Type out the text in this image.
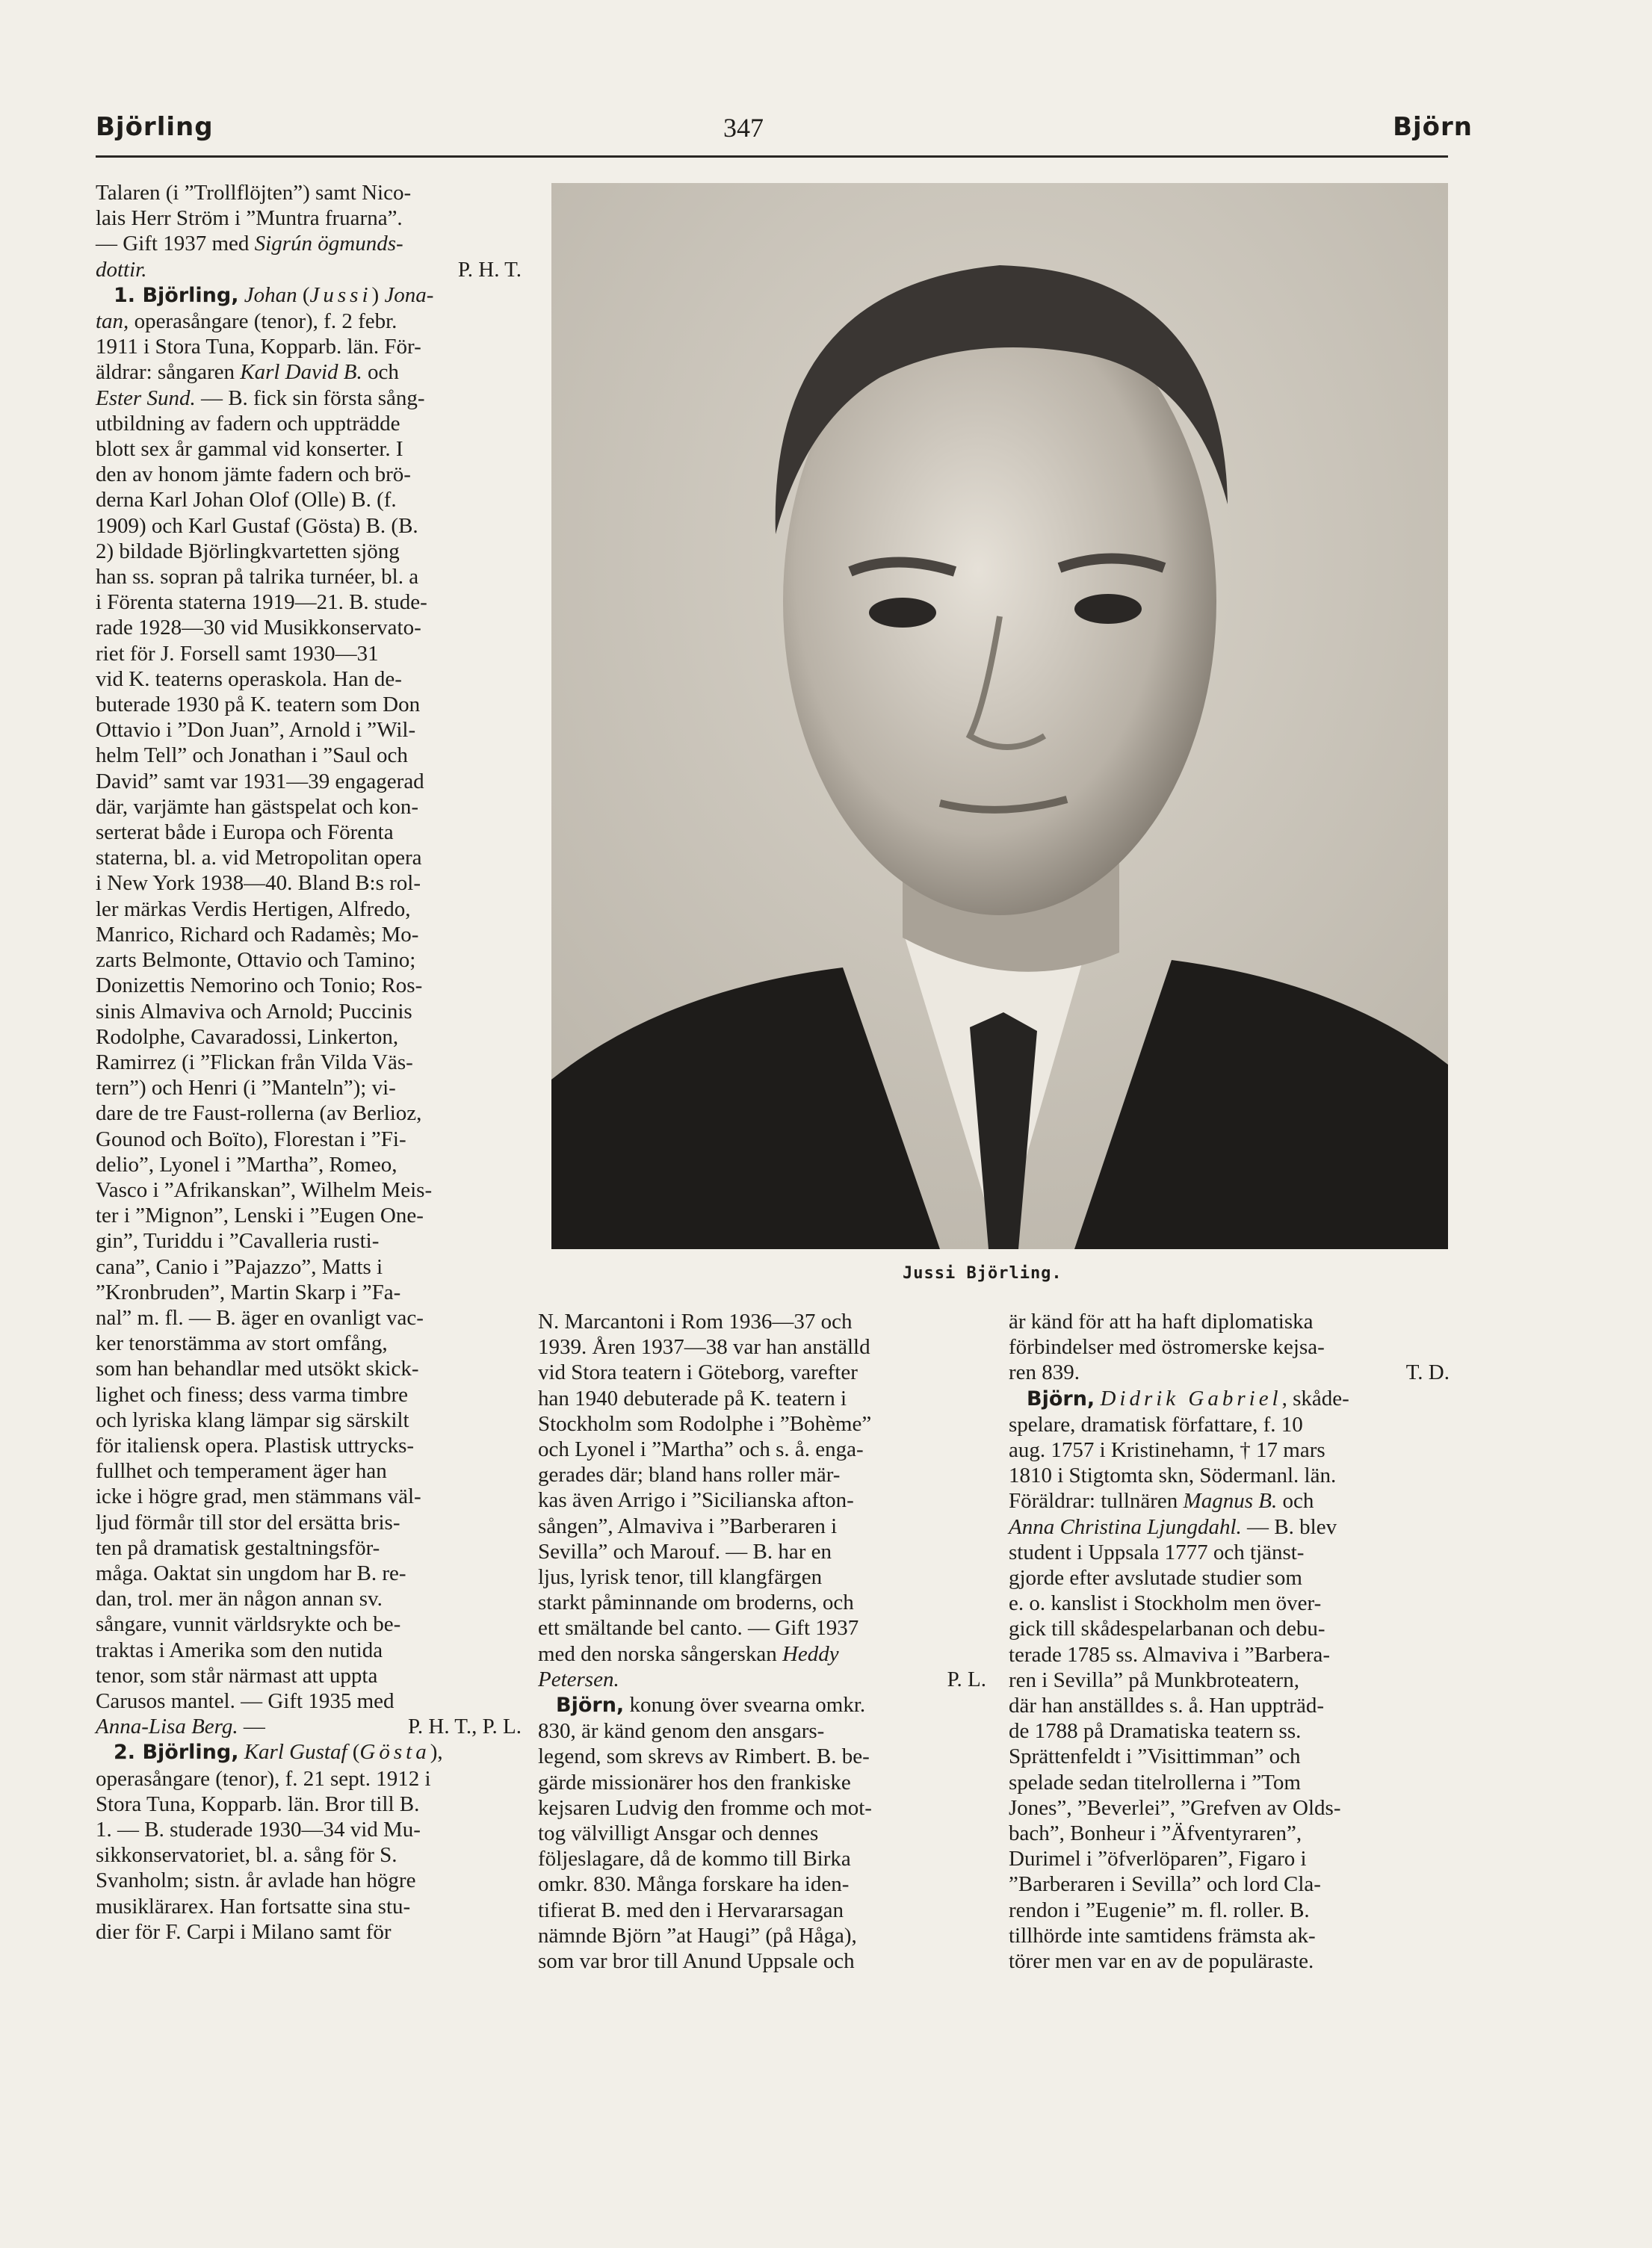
Björling	347	Björn

Talaren (i ”Trollflöjten”) samt Nico-
lais Herr Ström i ”Muntra fruarna”.
— Gift 1937 med Sigrún ögmunds-
dottir.	P. H. T.

1. Björling, Johan (Jussi) Jona-
tan, operasångare (tenor), f. 2 febr.
1911 i Stora Tuna, Kopparb. län. För-
äldrar: sångaren Karl David B. och
Ester Sund. — B. fick sin första sång-
utbildning av fadern och uppträdde
blott sex år gammal vid konserter. I
den av honom jämte fadern och brö-
derna Karl Johan Olof (Olle) B. (f.
1909) och Karl Gustaf (Gösta) B. (B.
2) bildade Björlingkvartetten sjöng
han ss. sopran på talrika turnéer, bl. a
i Förenta staterna 1919—21. B. stude-
rade 1928—30 vid Musikkonservato-
riet för J. Forsell samt 1930—31
vid K. teaterns operaskola. Han de-
buterade 1930 på K. teatern som Don
Ottavio i ”Don Juan”, Arnold i ”Wil-
helm Tell” och Jonathan i ”Saul och
David” samt var 1931—39 engagerad
där, varjämte han gästspelat och kon-
serterat både i Europa och Förenta
staterna, bl. a. vid Metropolitan opera
i New York 1938—40. Bland B:s rol-
ler märkas Verdis Hertigen, Alfredo,
Manrico, Richard och Radamès; Mo-
zarts Belmonte, Ottavio och Tamino;
Donizettis Nemorino och Tonio; Ros-
sinis Almaviva och Arnold; Puccinis
Rodolphe, Cavaradossi, Linkerton,
Ramirrez (i ”Flickan från Vilda Väs-
tern”) och Henri (i ”Manteln”); vi-
dare de tre Faust-rollerna (av Berlioz,
Gounod och Boïto), Florestan i ”Fi-
delio”, Lyonel i ”Martha”, Romeo,
Vasco i ”Afrikanskan”, Wilhelm Meis-
ter i ”Mignon”, Lenski i ”Eugen One-
gin”, Turiddu i ”Cavalleria rusti-
cana”, Canio i ”Pajazzo”, Matts i
”Kronbruden”, Martin Skarp i ”Fa-
nal” m. fl. — B. äger en ovanligt vac-
ker tenorstämma av stort omfång,
som han behandlar med utsökt skick-
lighet och finess; dess varma timbre
och lyriska klang lämpar sig särskilt
för italiensk opera. Plastisk uttrycks-
fullhet och temperament äger han
icke i högre grad, men stämmans väl-
ljud förmår till stor del ersätta bris-
ten på dramatisk gestaltningsför-
måga. Oaktat sin ungdom har B. re-
dan, trol. mer än någon annan sv.
sångare, vunnit världsrykte och be-
traktas i Amerika som den nutida
tenor, som står närmast att uppta
Carusos mantel. — Gift 1935 med
Anna-Lisa Berg. —	P. H. T., P. L.

2. Björling, Karl Gustaf (Gösta),
operasångare (tenor), f. 21 sept. 1912 i
Stora Tuna, Kopparb. län. Bror till B.
1. — B. studerade 1930—34 vid Mu-
sikkonservatoriet, bl. a. sång för S.
Svanholm; sistn. år avlade han högre
musiklärarex. Han fortsatte sina stu-
dier för F. Carpi i Milano samt för

Jussi Björling.

N. Marcantoni i Rom 1936—37 och
1939. Åren 1937—38 var han anställd
vid Stora teatern i Göteborg, varefter
han 1940 debuterade på K. teatern i
Stockholm som Rodolphe i ”Bohème”
och Lyonel i ”Martha” och s. å. enga-
gerades där; bland hans roller mär-
kas även Arrigo i ”Sicilianska afton-
sången”, Almaviva i ”Barberaren i
Sevilla” och Marouf. — B. har en
ljus, lyrisk tenor, till klangfärgen
starkt påminnande om broderns, och
ett smältande bel canto. — Gift 1937
med den norska sångerskan Heddy
Petersen.	P. L.

Björn, konung över svearna omkr.
830, är känd genom den ansgars-
legend, som skrevs av Rimbert. B. be-
gärde missionärer hos den frankiske
kejsaren Ludvig den fromme och mot-
tog välvilligt Ansgar och dennes
följeslagare, då de kommo till Birka
omkr. 830. Många forskare ha iden-
tifierat B. med den i Hervararsagan
nämnde Björn ”at Haugi” (på Håga),
som var bror till Anund Uppsale och

är känd för att ha haft diplomatiska
förbindelser med östromerske kejsa-
ren 839.	T. D.

Björn, Didrik Gabriel, skåde-
spelare, dramatisk författare, f. 10
aug. 1757 i Kristinehamn, † 17 mars
1810 i Stigtomta skn, Södermanl. län.
Föräldrar: tullnären Magnus B. och
Anna Christina Ljungdahl. — B. blev
student i Uppsala 1777 och tjänst-
gjorde efter avslutade studier som
e. o. kanslist i Stockholm men över-
gick till skådespelarbanan och debu-
terade 1785 ss. Almaviva i ”Barbera-
ren i Sevilla” på Munkbroteatern,
där han anställdes s. å. Han uppträd-
de 1788 på Dramatiska teatern ss.
Sprättenfeldt i ”Visittimman” och
spelade sedan titelrollerna i ”Tom
Jones”, ”Beverlei”, ”Grefven av Olds-
bach”, Bonheur i ”Äfventyraren”,
Durimel i ”öfverlöparen”, Figaro i
”Barberaren i Sevilla” och lord Cla-
rendon i ”Eugenie” m. fl. roller. B.
tillhörde inte samtidens främsta ak-
törer men var en av de populäraste.
